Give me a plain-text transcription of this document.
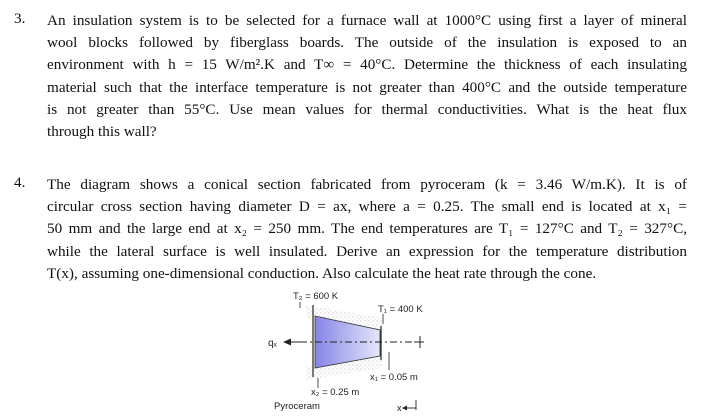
3. An insulation system is to be selected for a furnace wall at 1000°C using first a layer of mineral
wool blocks followed by fiberglass boards. The outside of the insulation is exposed to an
environment with h = 15 W/m².K and T∞ = 40°C. Determine the thickness of each insulating
material such that the interface temperature is not greater than 400°C and the outside temperature
is not greater than 55°C. Use mean values for thermal conductivities. What is the heat flux
through this wall?
4. The diagram shows a conical section fabricated from pyroceram (k = 3.46 W/m.K). It is of
circular cross section having diameter D = ax, where a = 0.25. The small end is located at x₁ =
50 mm and the large end at x₂ = 250 mm. The end temperatures are T₁ = 127°C and T₂ = 327°C,
while the lateral surface is well insulated. Derive an expression for the temperature distribution
T(x), assuming one-dimensional conduction. Also calculate the heat rate through the cone.
qₓ
T₂ = 600 K
T₁ = 400 K
x₁ = 0.05 m
x₂ = 0.25 m
Pyroceram	x
